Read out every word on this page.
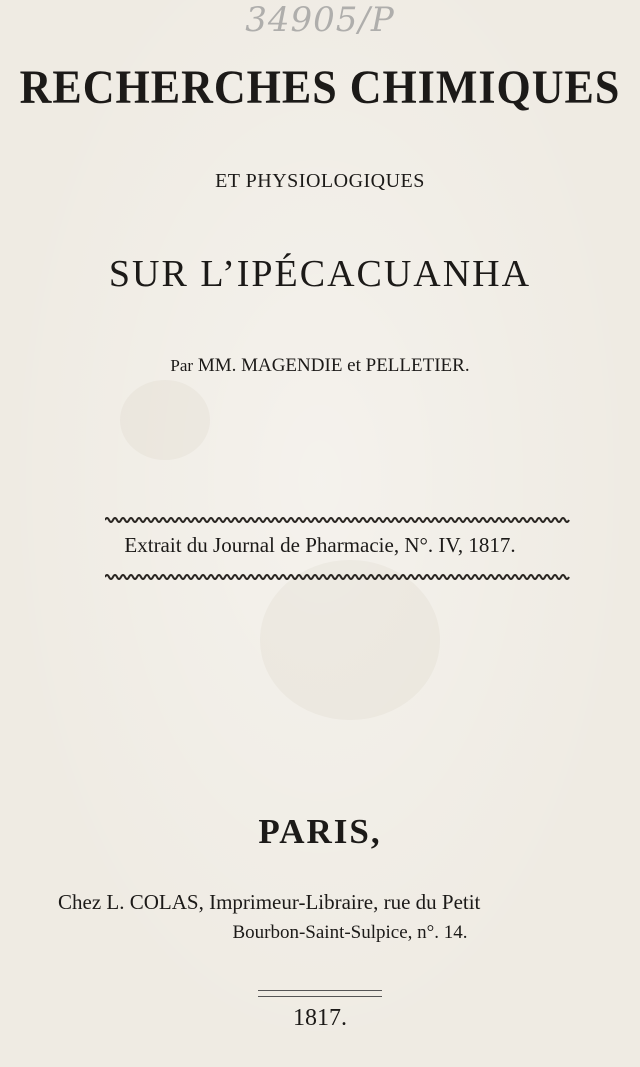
34905/P
RECHERCHES CHIMIQUES
ET PHYSIOLOGIQUES
SUR L’IPÉCACUANHA
Par MM. MAGENDIE et PELLETIER.
Extrait du Journal de Pharmacie, N°. IV, 1817.
PARIS,
Chez L. COLAS, Imprimeur-Libraire, rue du Petit
Bourbon-Saint-Sulpice, n°. 14.
1817.
